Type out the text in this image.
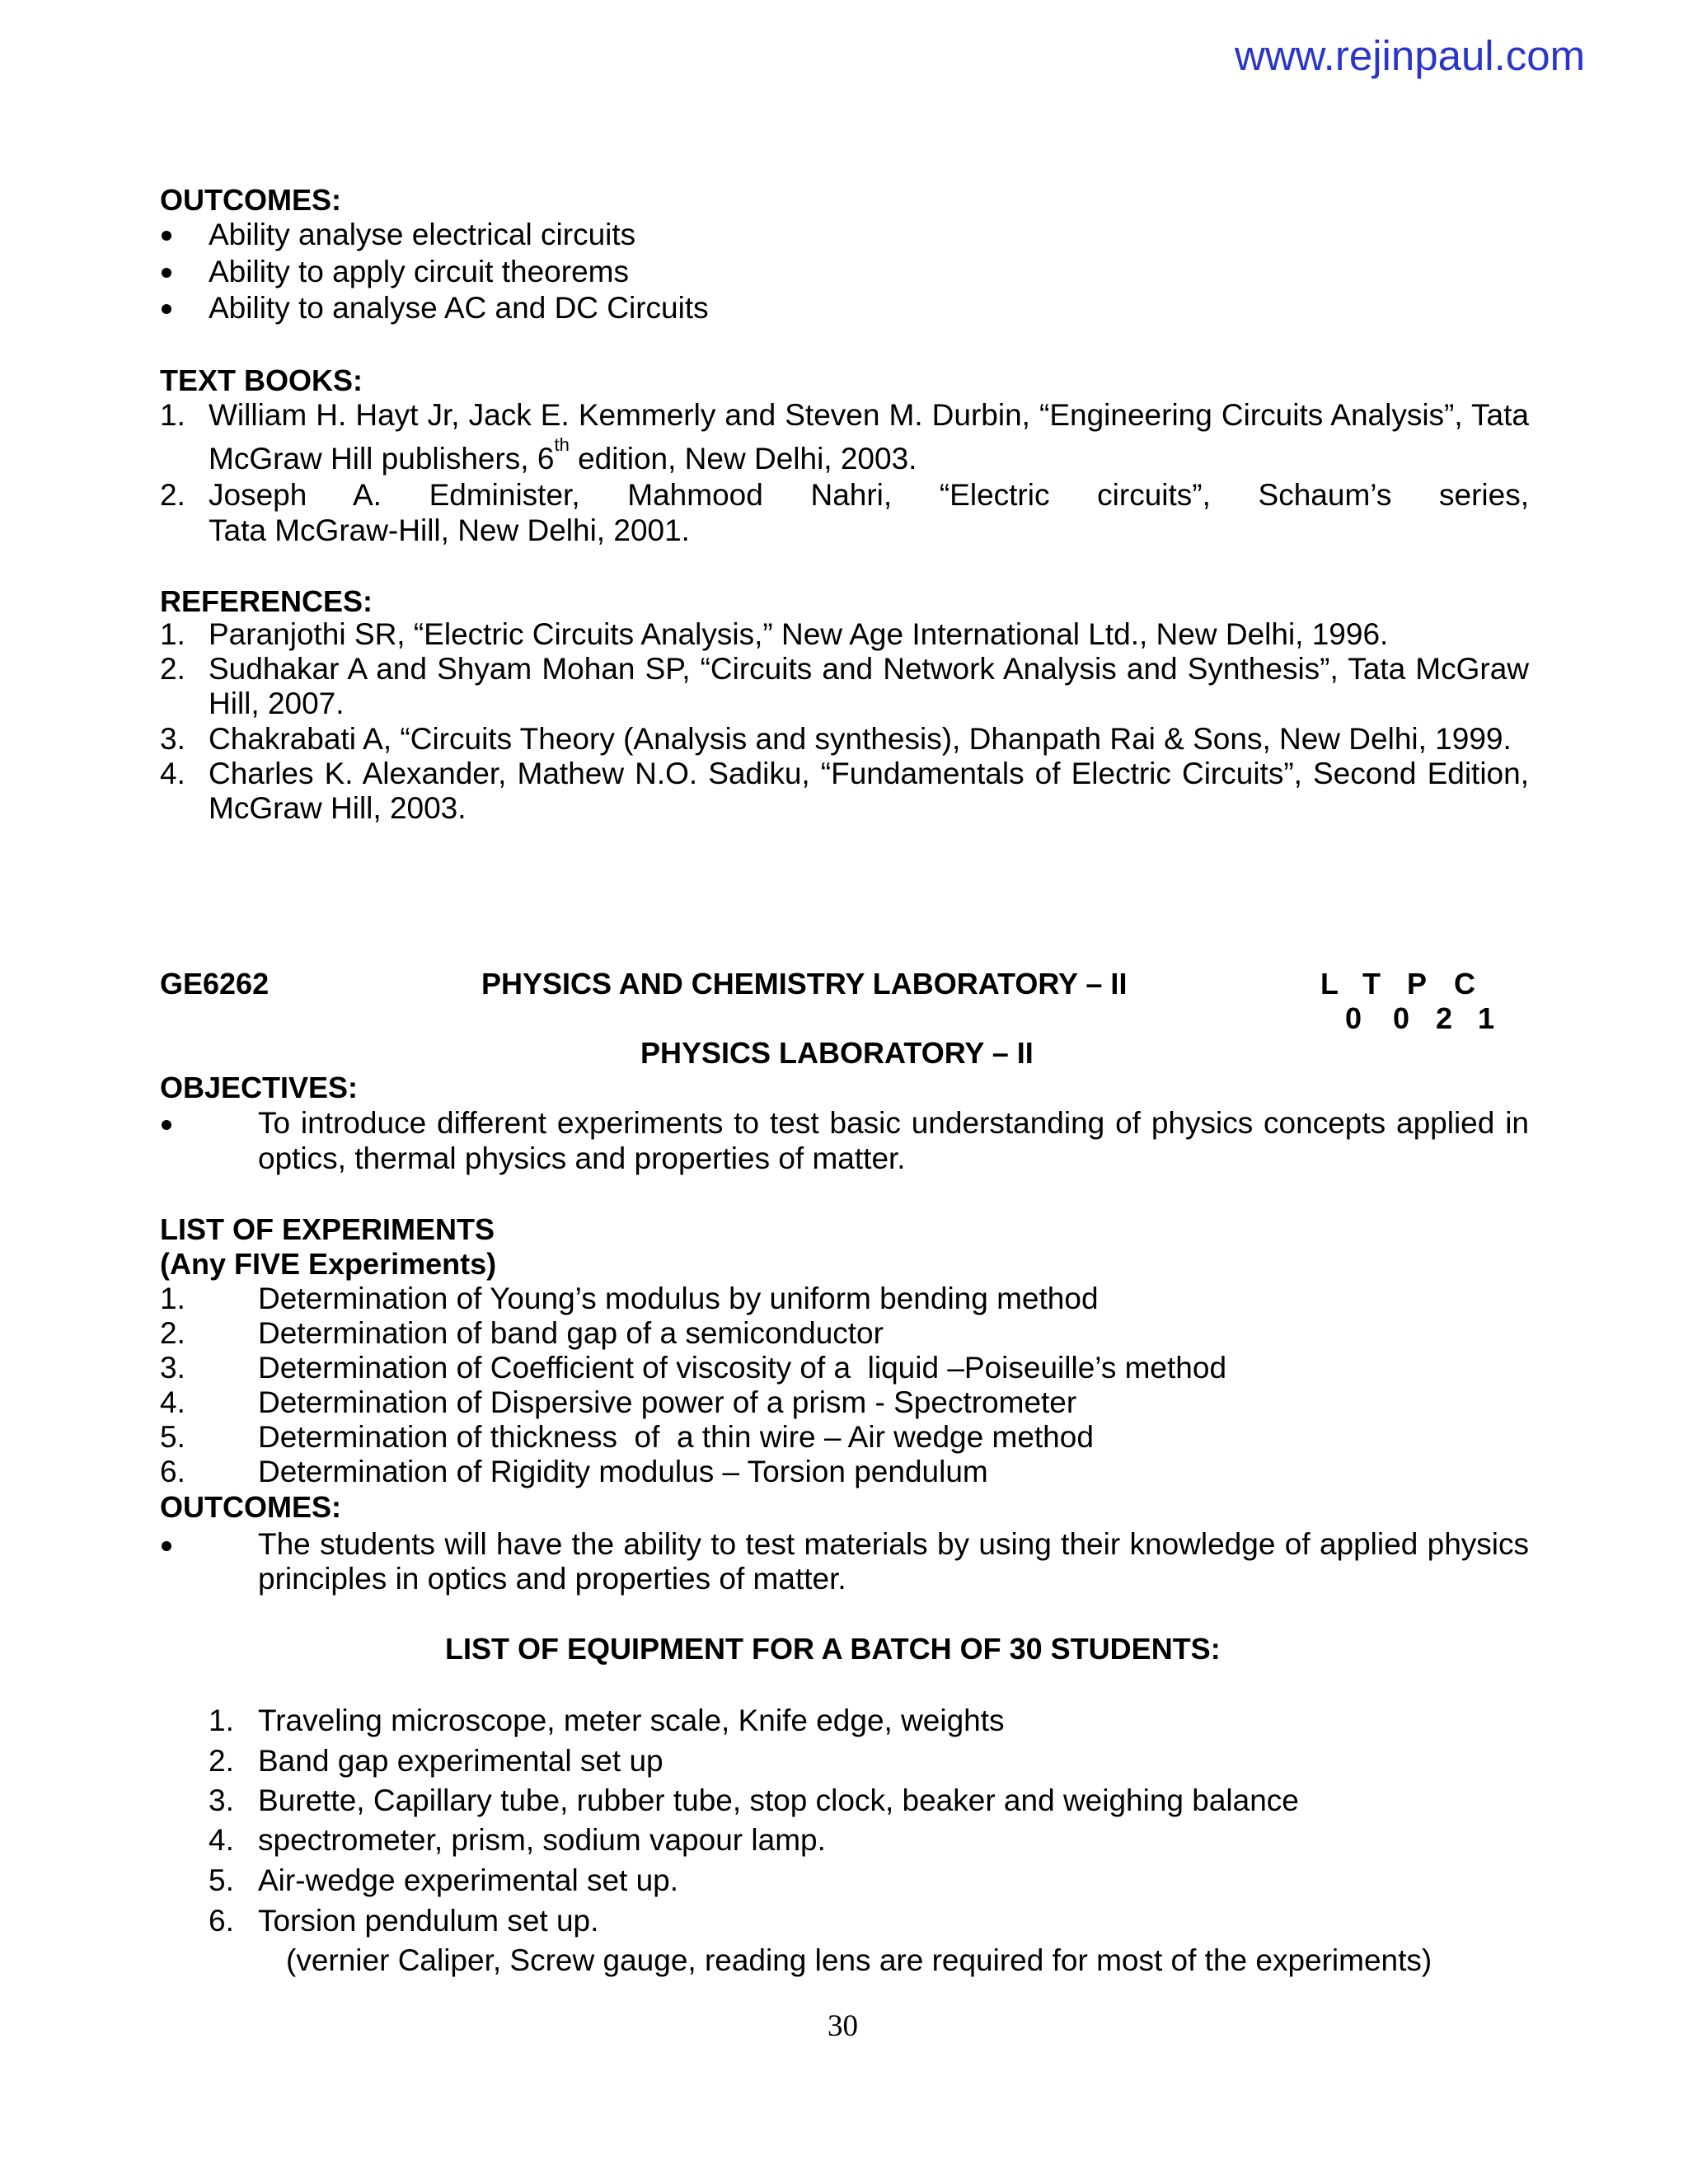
www.rejinpaul.com
OUTCOMES:
Ability analyse electrical circuits
Ability to apply circuit theorems
Ability to analyse AC and DC Circuits
TEXT BOOKS:
1. William H. Hayt Jr, Jack E. Kemmerly and Steven M. Durbin, “Engineering Circuits Analysis”, Tata
McGraw Hill publishers, 6th edition, New Delhi, 2003.
2. Joseph A. Edminister, Mahmood Nahri, “Electric circuits”, Schaum’s series,
Tata McGraw-Hill, New Delhi, 2001.
REFERENCES:
1. Paranjothi SR, “Electric Circuits Analysis,” New Age International Ltd., New Delhi, 1996.
2. Sudhakar A and Shyam Mohan SP, “Circuits and Network Analysis and Synthesis”, Tata McGraw
Hill, 2007.
3. Chakrabati A, “Circuits Theory (Analysis and synthesis), Dhanpath Rai & Sons, New Delhi, 1999.
4. Charles K. Alexander, Mathew N.O. Sadiku, “Fundamentals of Electric Circuits”, Second Edition,
McGraw Hill, 2003.
GE6262	PHYSICS AND CHEMISTRY LABORATORY – II	L T P C
0 0 2 1
PHYSICS LABORATORY – II
OBJECTIVES:
To introduce different experiments to test basic understanding of physics concepts applied in
optics, thermal physics and properties of matter.
LIST OF EXPERIMENTS
(Any FIVE Experiments)
1. Determination of Young’s modulus by uniform bending method
2. Determination of band gap of a semiconductor
3. Determination of Coefficient of viscosity of a  liquid –Poiseuille’s method
4. Determination of Dispersive power of a prism - Spectrometer
5. Determination of thickness  of  a thin wire – Air wedge method
6. Determination of Rigidity modulus – Torsion pendulum
OUTCOMES:
The students will have the ability to test materials by using their knowledge of applied physics
principles in optics and properties of matter.
LIST OF EQUIPMENT FOR A BATCH OF 30 STUDENTS:
1. Traveling microscope, meter scale, Knife edge, weights
2. Band gap experimental set up
3. Burette, Capillary tube, rubber tube, stop clock, beaker and weighing balance
4. spectrometer, prism, sodium vapour lamp.
5. Air-wedge experimental set up.
6. Torsion pendulum set up.
(vernier Caliper, Screw gauge, reading lens are required for most of the experiments)
30
